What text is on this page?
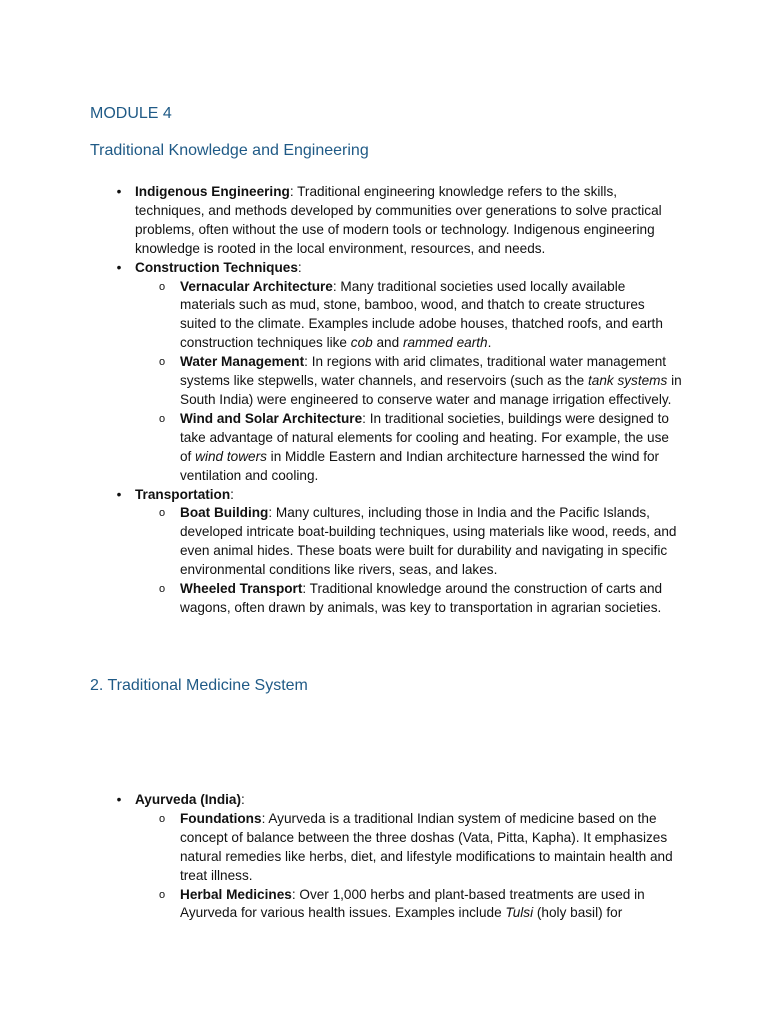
MODULE 4
Traditional Knowledge and Engineering
• Indigenous Engineering: Traditional engineering knowledge refers to the skills, techniques, and methods developed by communities over generations to solve practical problems, often without the use of modern tools or technology. Indigenous engineering knowledge is rooted in the local environment, resources, and needs.
• Construction Techniques:
o Vernacular Architecture: Many traditional societies used locally available materials such as mud, stone, bamboo, wood, and thatch to create structures suited to the climate. Examples include adobe houses, thatched roofs, and earth construction techniques like cob and rammed earth.
o Water Management: In regions with arid climates, traditional water management systems like stepwells, water channels, and reservoirs (such as the tank systems in South India) were engineered to conserve water and manage irrigation effectively.
o Wind and Solar Architecture: In traditional societies, buildings were designed to take advantage of natural elements for cooling and heating. For example, the use of wind towers in Middle Eastern and Indian architecture harnessed the wind for ventilation and cooling.
• Transportation:
o Boat Building: Many cultures, including those in India and the Pacific Islands, developed intricate boat-building techniques, using materials like wood, reeds, and even animal hides. These boats were built for durability and navigating in specific environmental conditions like rivers, seas, and lakes.
o Wheeled Transport: Traditional knowledge around the construction of carts and wagons, often drawn by animals, was key to transportation in agrarian societies.
2. Traditional Medicine System
• Ayurveda (India):
o Foundations: Ayurveda is a traditional Indian system of medicine based on the concept of balance between the three doshas (Vata, Pitta, Kapha). It emphasizes natural remedies like herbs, diet, and lifestyle modifications to maintain health and treat illness.
o Herbal Medicines: Over 1,000 herbs and plant-based treatments are used in Ayurveda for various health issues. Examples include Tulsi (holy basil) for
